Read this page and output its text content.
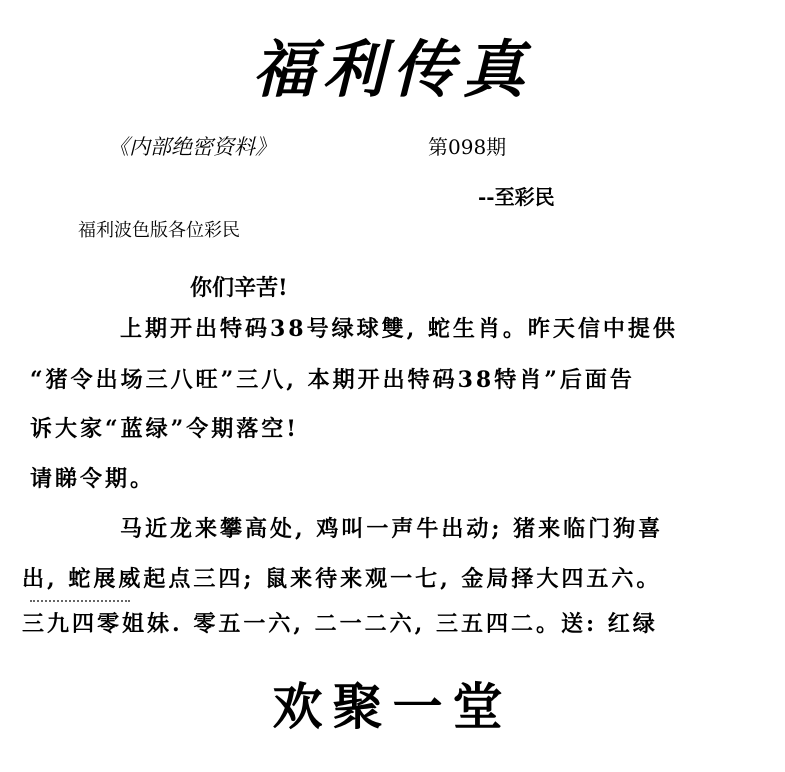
福利传真
《内部绝密资料》	第098期
--至彩民
福利波色版各位彩民
你们辛苦!
上期开出特码38号绿球雙, 蛇生肖。昨天信中提供
“猪令出场三八旺”三八, 本期开出特码38特肖”后面告
诉大家“蓝绿”令期落空!
请睇令期。
马近龙来攀高处, 鸡叫一声牛出动; 猪来临门狗喜
出, 蛇展威起点三四; 鼠来待来观一七, 金局择大四五六。
三九四零姐妹. 零五一六, 二一二六, 三五四二。送: 红绿
欢聚一堂
